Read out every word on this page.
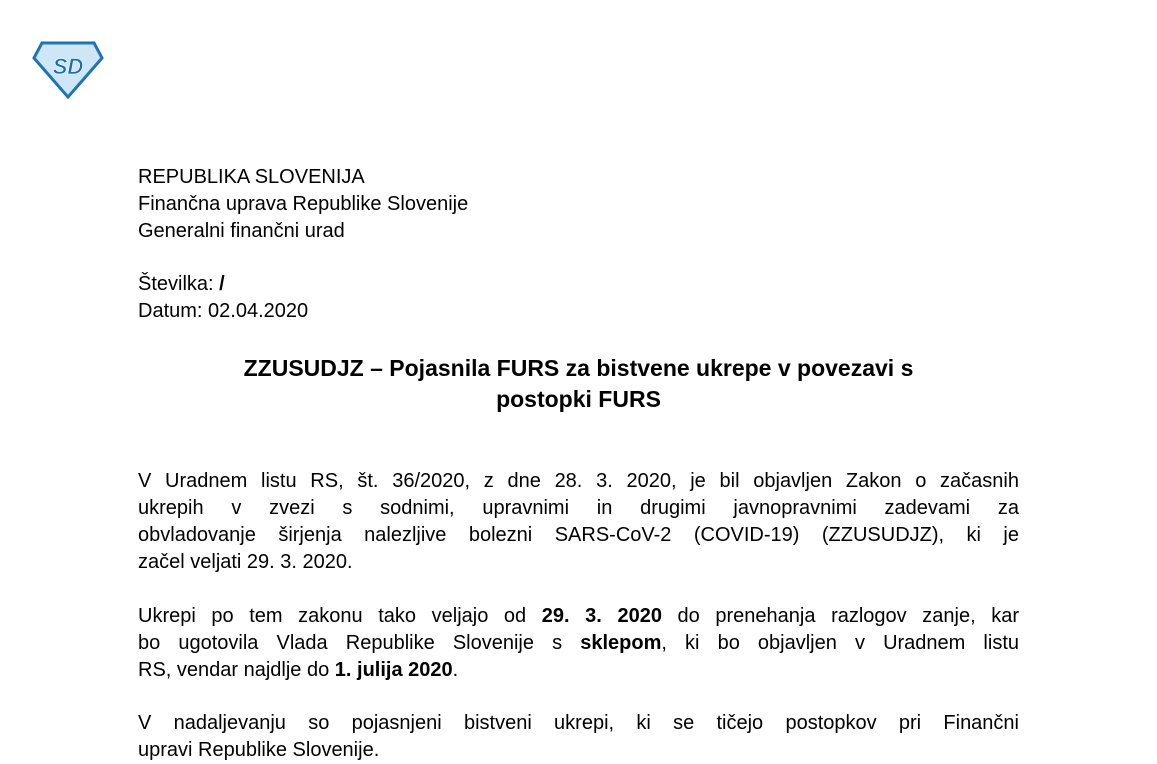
SD
REPUBLIKA SLOVENIJA
Finančna uprava Republike Slovenije
Generalni finančni urad
Številka: /
Datum: 02.04.2020
ZZUSUDJZ – Pojasnila FURS za bistvene ukrepe v povezavi s
postopki FURS
V Uradnem listu RS, št. 36/2020, z dne 28. 3. 2020, je bil objavljen Zakon o začasnih
ukrepih v zvezi s sodnimi, upravnimi in drugimi javnopravnimi zadevami za
obvladovanje širjenja nalezljive bolezni SARS-CoV-2 (COVID-19) (ZZUSUDJZ), ki je
začel veljati 29. 3. 2020.
Ukrepi po tem zakonu tako veljajo od 29. 3. 2020 do prenehanja razlogov zanje, kar
bo ugotovila Vlada Republike Slovenije s sklepom, ki bo objavljen v Uradnem listu
RS, vendar najdlje do 1. julija 2020.
V nadaljevanju so pojasnjeni bistveni ukrepi, ki se tičejo postopkov pri Finančni
upravi Republike Slovenije.
